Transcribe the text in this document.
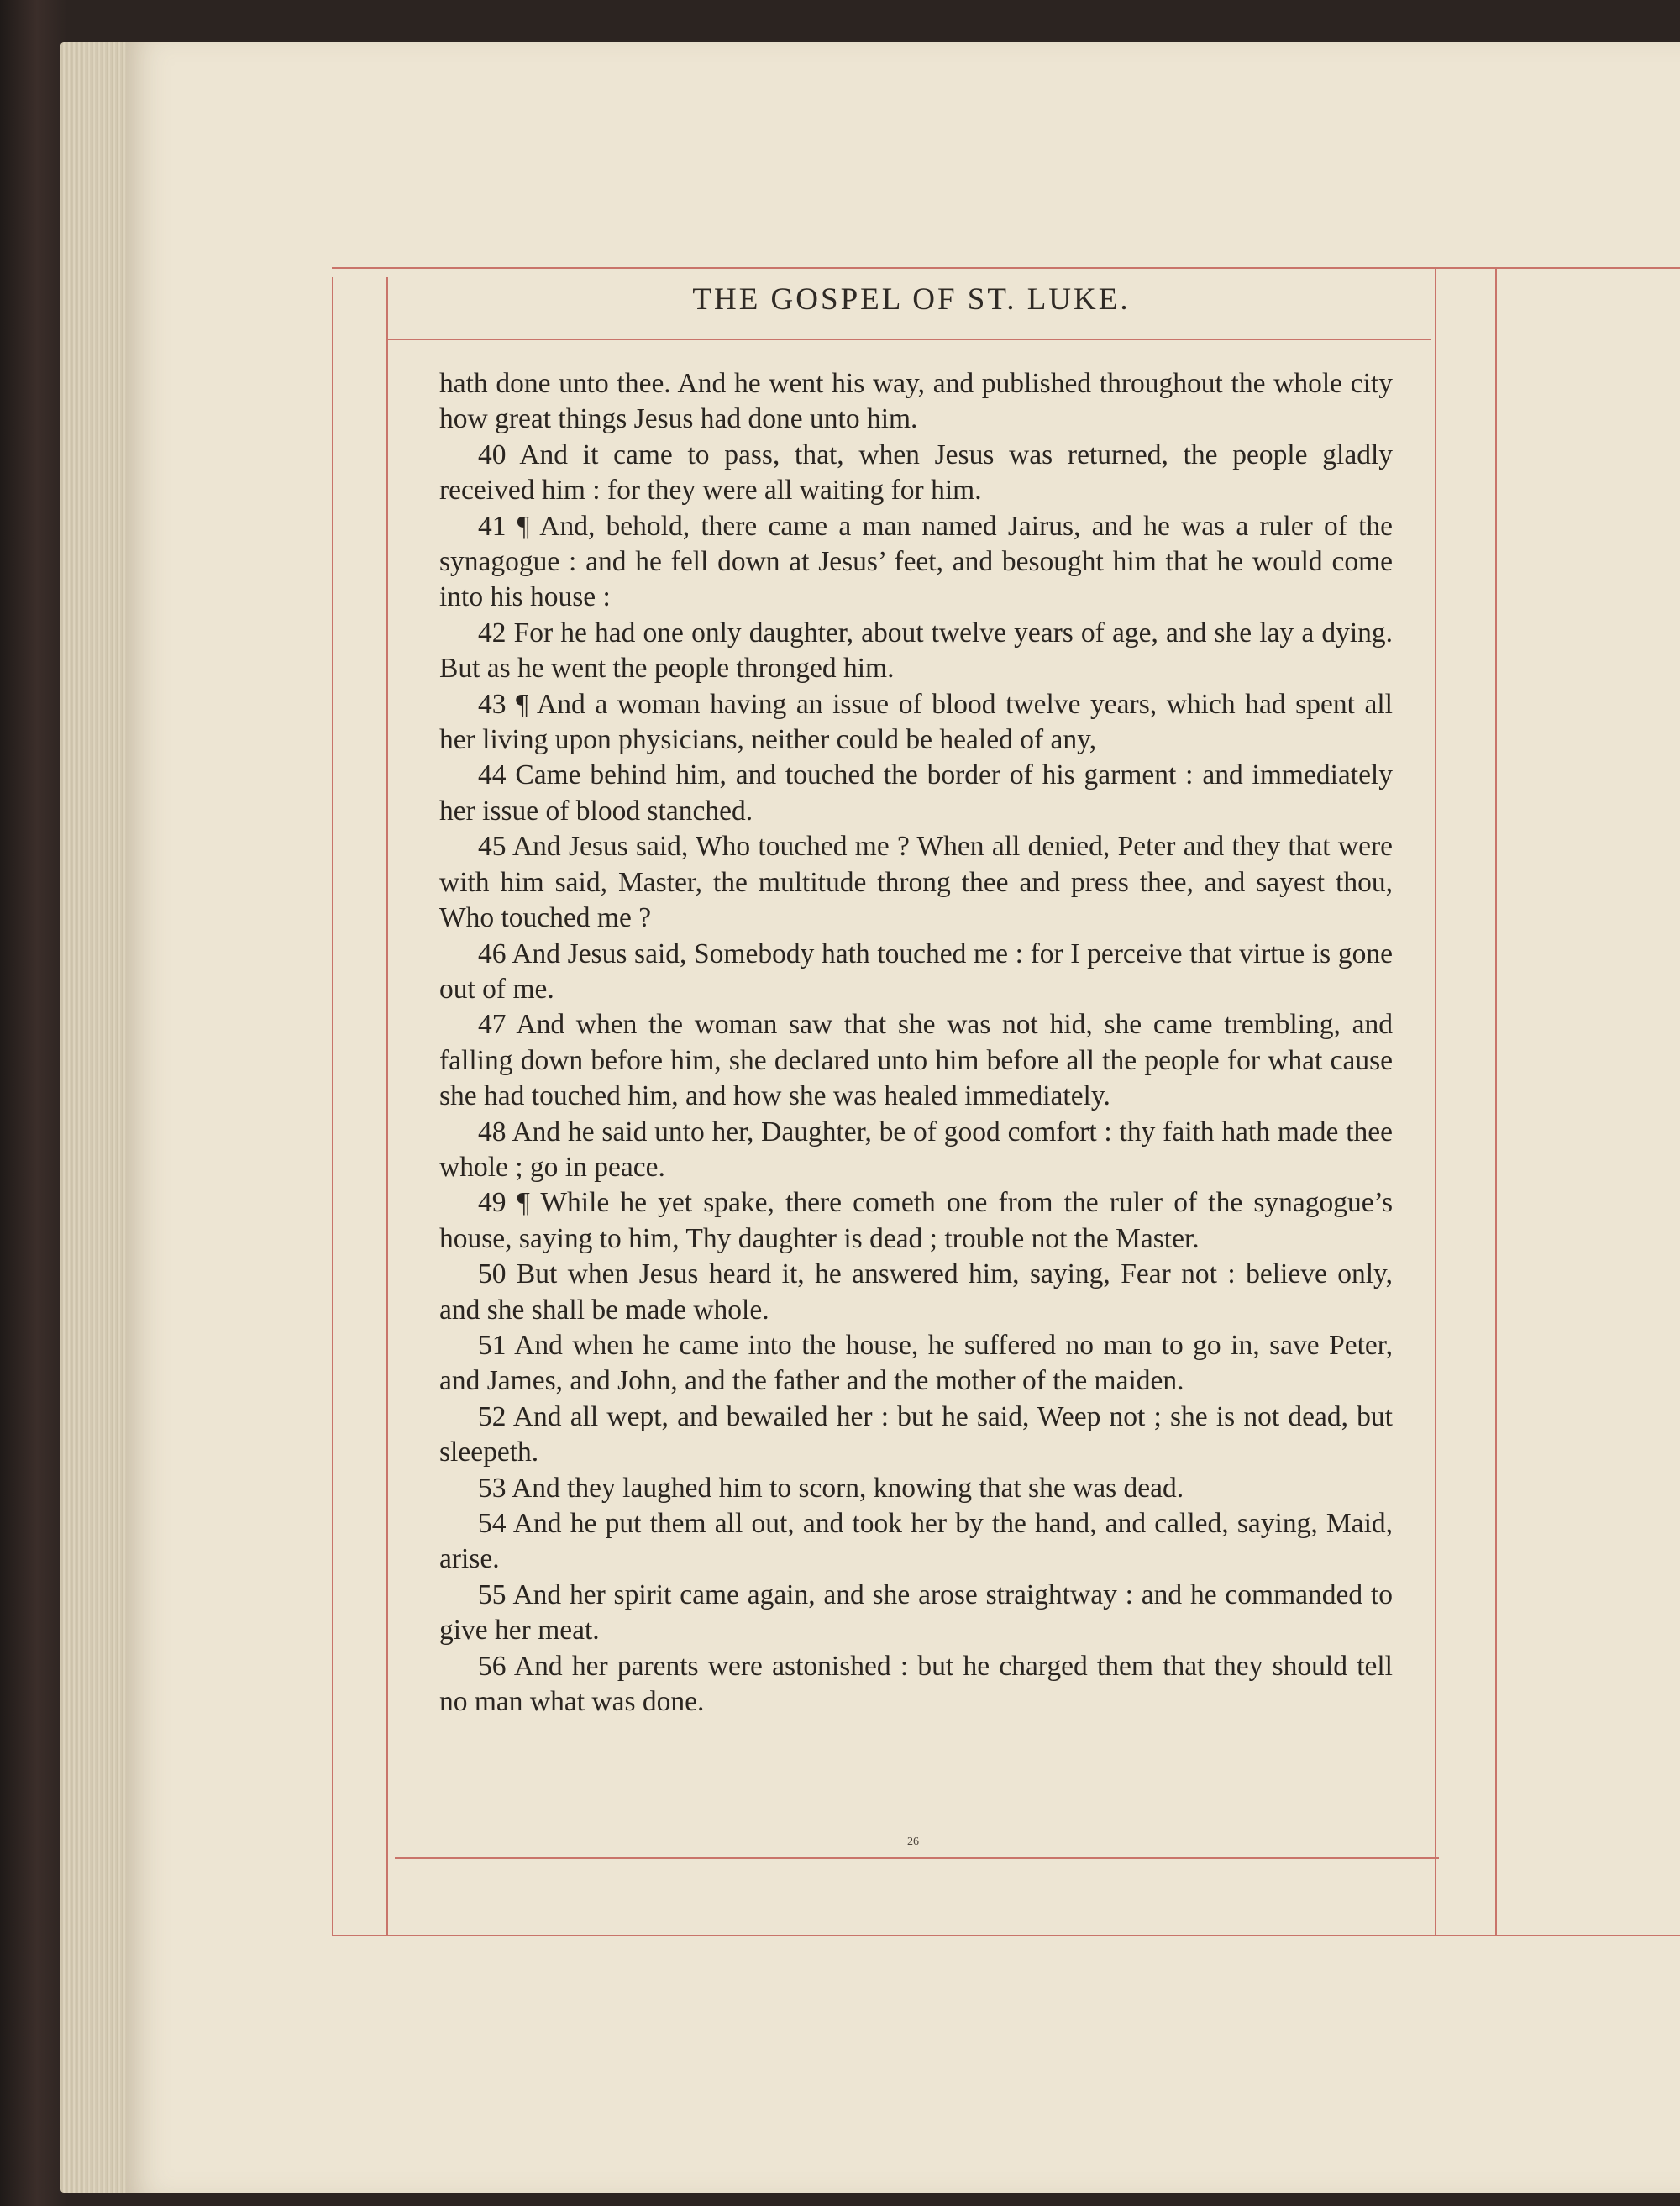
THE GOSPEL OF ST. LUKE.

hath done unto thee. And he went his way, and published throughout the whole city how great things Jesus had done unto him.

40 And it came to pass, that, when Jesus was returned, the people gladly received him : for they were all waiting for him.

41 ¶ And, behold, there came a man named Jairus, and he was a ruler of the synagogue : and he fell down at Jesus’ feet, and besought him that he would come into his house :

42 For he had one only daughter, about twelve years of age, and she lay a dying. But as he went the people thronged him.

43 ¶ And a woman having an issue of blood twelve years, which had spent all her living upon physicians, neither could be healed of any,

44 Came behind him, and touched the border of his garment : and immediately her issue of blood stanched.

45 And Jesus said, Who touched me ? When all denied, Peter and they that were with him said, Master, the multitude throng thee and press thee, and sayest thou, Who touched me ?

46 And Jesus said, Somebody hath touched me : for I perceive that virtue is gone out of me.

47 And when the woman saw that she was not hid, she came trembling, and falling down before him, she declared unto him before all the people for what cause she had touched him, and how she was healed immediately.

48 And he said unto her, Daughter, be of good comfort : thy faith hath made thee whole ; go in peace.

49 ¶ While he yet spake, there cometh one from the ruler of the synagogue’s house, saying to him, Thy daughter is dead ; trouble not the Master.

50 But when Jesus heard it, he answered him, saying, Fear not : believe only, and she shall be made whole.

51 And when he came into the house, he suffered no man to go in, save Peter, and James, and John, and the father and the mother of the maiden.

52 And all wept, and bewailed her : but he said, Weep not ; she is not dead, but sleepeth.

53 And they laughed him to scorn, knowing that she was dead.

54 And he put them all out, and took her by the hand, and called, saying, Maid, arise.

55 And her spirit came again, and she arose straightway : and he commanded to give her meat.

56 And her parents were astonished : but he charged them that they should tell no man what was done.

26
